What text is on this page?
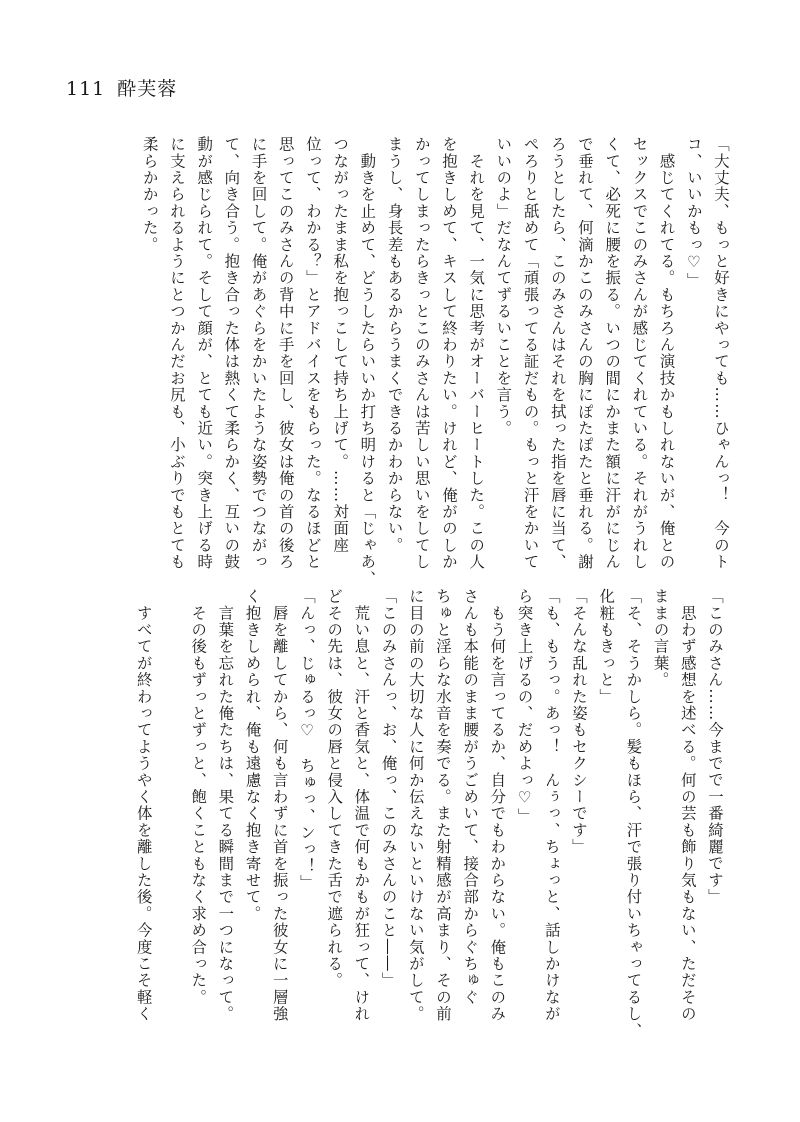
111 酔芙蓉
「大丈夫、もっと好きにやっても……ひゃんっ！　今のト
コ、いいかもっ♡」
　感じてくれてる。もちろん演技かもしれないが、俺との
セックスでこのみさんが感じてくれている。それがうれし
くて、必死に腰を振る。いつの間にかまた額に汗がにじん
で垂れて、何滴かこのみさんの胸にぽたぽたと垂れる。謝
ろうとしたら、このみさんはそれを拭った指を唇に当て、
ぺろりと舐めて「頑張ってる証だもの。もっと汗をかいて
いいのよ」だなんてずるいことを言う。
　それを見て、一気に思考がオーバーヒートした。この人
を抱きしめて、キスして終わりたい。けれど、俺がのしか
かってしまったらきっとこのみさんは苦しい思いをしてし
まうし、身長差もあるからうまくできるかわからない。
　動きを止めて、どうしたらいいか打ち明けると「じゃあ、
つながったまま私を抱っこして持ち上げて。……対面座
位って、わかる？」とアドバイスをもらった。なるほどと
思ってこのみさんの背中に手を回し、彼女は俺の首の後ろ
に手を回して。俺があぐらをかいたような姿勢でつながっ
て、向き合う。抱き合った体は熱くて柔らかく、互いの鼓
動が感じられて。そして顔が、とても近い。突き上げる時
に支えられるようにとつかんだお尻も、小ぶりでもとても
柔らかかった。
「このみさん……今までで一番綺麗です」
　思わず感想を述べる。何の芸も飾り気もない、ただその
ままの言葉。
「そ、そうかしら。髪もほら、汗で張り付いちゃってるし、
化粧もきっと」
「そんな乱れた姿もセクシーです」
「も、もうっ。あっ！　んぅっ、ちょっと、話しかけなが
ら突き上げるの、だめよっ♡」
　もう何を言ってるか、自分でもわからない。俺もこのみ
さんも本能のまま腰がうごめいて、接合部からぐちゅぐ
ちゅと淫らな水音を奏でる。また射精感が高まり、その前
に目の前の大切な人に何か伝えないといけない気がして。
「このみさんっ、お、俺っ、このみさんのこと――」
　荒い息と、汗と香気と、体温で何もかもが狂って、けれ
どその先は、彼女の唇と侵入してきた舌で遮られる。
「んっ、じゅるっ♡　ちゅっ、ンっ！」
　唇を離してから、何も言わずに首を振った彼女に一層強
く抱きしめられ、俺も遠慮なく抱き寄せて。
　言葉を忘れた俺たちは、果てる瞬間まで一つになって。
　その後もずっとずっと、飽くこともなく求め合った。

　すべてが終わってようやく体を離した後。今度こそ軽く
